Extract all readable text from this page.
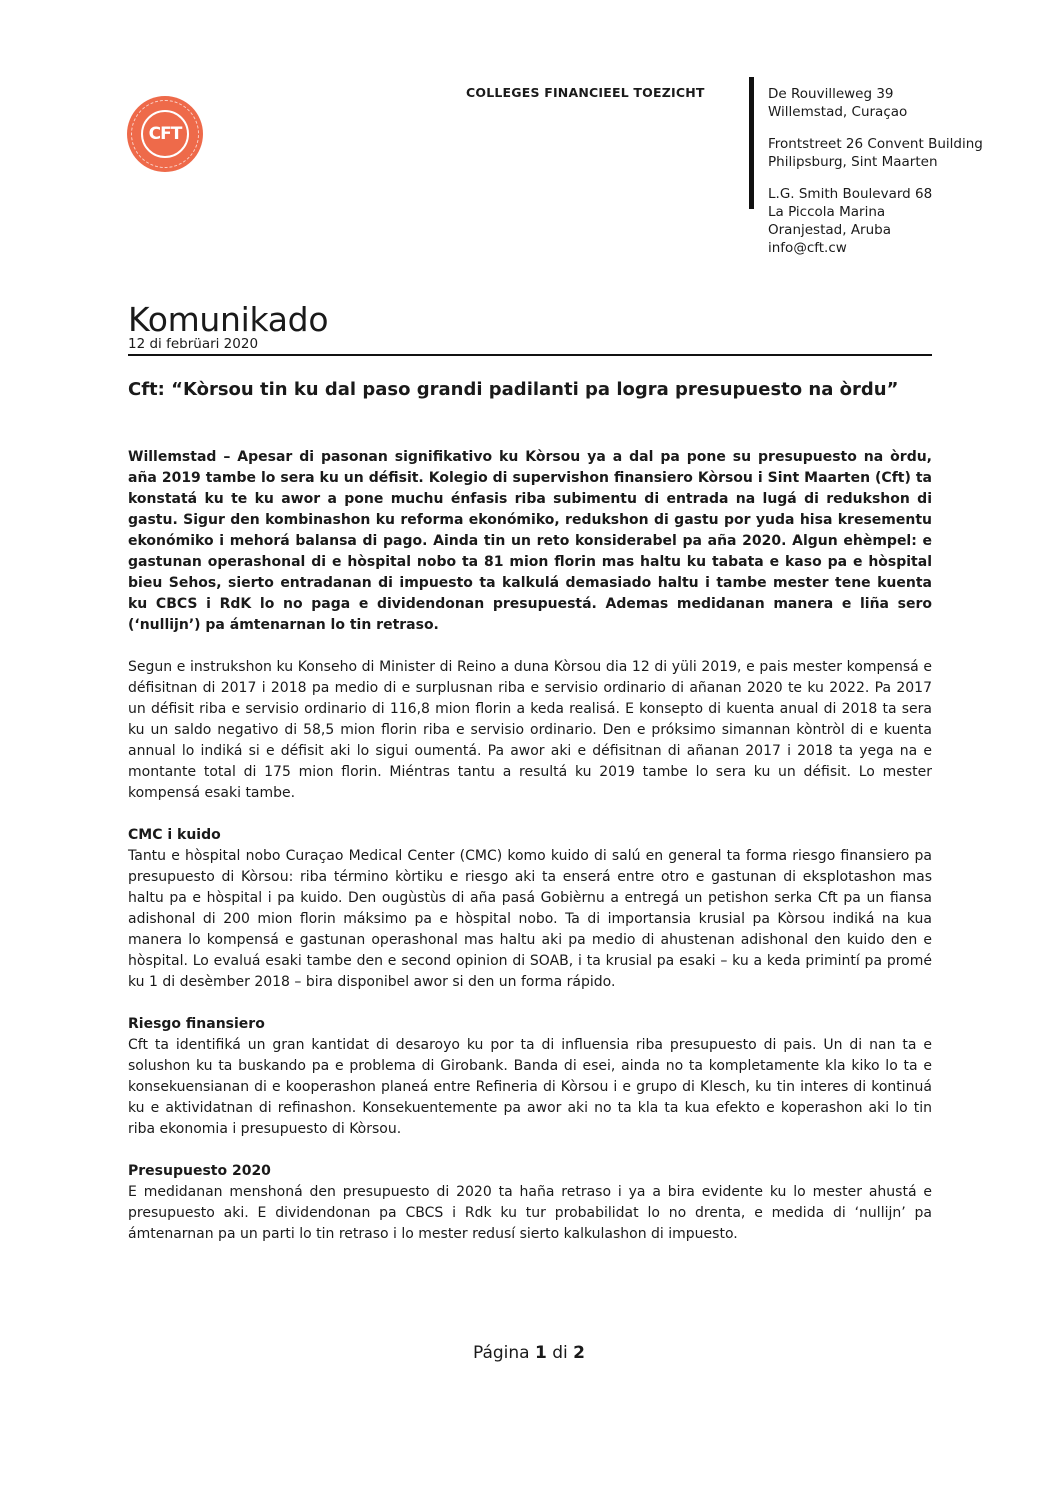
CFT
COLLEGES FINANCIEEL TOEZICHT	De Rouvilleweg 39
Willemstad, Curaçao
Frontstreet 26 Convent Building
Philipsburg, Sint Maarten
L.G. Smith Boulevard 68
La Piccola Marina
Oranjestad, Aruba
info@cft.cw
Komunikado
12 di febrüari 2020
Cft: “Kòrsou tin ku dal paso grandi padilanti pa logra presupuesto na òrdu”

Willemstad – Apesar di pasonan signifikativo ku Kòrsou ya a dal pa pone su presupuesto na òrdu, aña 2019 tambe lo sera ku un défisit. Kolegio di supervishon finansiero Kòrsou i Sint Maarten (Cft) ta konstatá ku te ku awor a pone muchu énfasis riba subimentu di entrada na lugá di redukshon di gastu. Sigur den kombinashon ku reforma ekonómiko, redukshon di gastu por yuda hisa kresementu ekonómiko i mehorá balansa di pago. Ainda tin un reto konsiderabel pa aña 2020. Algun ehèmpel: e gastunan operashonal di e hòspital nobo ta 81 mion florin mas haltu ku tabata e kaso pa e hòspital bieu Sehos, sierto entradanan di impuesto ta kalkulá demasiado haltu i tambe mester tene kuenta ku CBCS i RdK lo no paga e dividendonan presupuestá. Ademas medidanan manera e liña sero (‘nullijn’) pa ámtenarnan lo tin retraso.

Segun e instrukshon ku Konseho di Minister di Reino a duna Kòrsou dia 12 di yüli 2019, e pais mester kompensá e défisitnan di 2017 i 2018 pa medio di e surplusnan riba e servisio ordinario di añanan 2020 te ku 2022. Pa 2017 un défisit riba e servisio ordinario di 116,8 mion florin a keda realisá. E konsepto di kuenta anual di 2018 ta sera ku un saldo negativo di 58,5 mion florin riba e servisio ordinario. Den e próksimo simannan kòntròl di e kuenta annual lo indiká si e défisit aki lo sigui oumentá. Pa awor aki e défisitnan di añanan 2017 i 2018 ta yega na e montante total di 175 mion florin. Miéntras tantu a resultá ku 2019 tambe lo sera ku un défisit. Lo mester kompensá esaki tambe.

CMC i kuido

Tantu e hòspital nobo Curaçao Medical Center (CMC) komo kuido di salú en general ta forma riesgo finansiero pa presupuesto di Kòrsou: riba término kòrtiku e riesgo aki ta enserá entre otro e gastunan di eksplotashon mas haltu pa e hòspital i pa kuido. Den ougùstùs di aña pasá Gobièrnu a entregá un petishon serka Cft pa un fiansa adishonal di 200 mion florin máksimo pa e hòspital nobo. Ta di importansia krusial pa Kòrsou indiká na kua manera lo kompensá e gastunan operashonal mas haltu aki pa medio di ahustenan adishonal den kuido den e hòspital. Lo evaluá esaki tambe den e second opinion di SOAB, i ta krusial pa esaki – ku a keda primintí pa promé ku 1 di desèmber 2018 – bira disponibel awor si den un forma rápido.

Riesgo finansiero

Cft ta identifiká un gran kantidat di desaroyo ku por ta di influensia riba presupuesto di pais. Un di nan ta e solushon ku ta buskando pa e problema di Girobank. Banda di esei, ainda no ta kompletamente kla kiko lo ta e konsekuensianan di e kooperashon planeá entre Refineria di Kòrsou i e grupo di Klesch, ku tin interes di kontinuá ku e aktividatnan di refinashon. Konsekuentemente pa awor aki no ta kla ta kua efekto e koperashon aki lo tin riba ekonomia i presupuesto di Kòrsou.

Presupuesto 2020

E medidanan menshoná den presupuesto di 2020 ta haña retraso i ya a bira evidente ku lo mester ahustá e presupuesto aki. E dividendonan pa CBCS i Rdk ku tur probabilidat lo no drenta, e medida di ‘nullijn’ pa ámtenarnan pa un parti lo tin retraso i lo mester redusí sierto kalkulashon di impuesto.

Página 1 di 2
